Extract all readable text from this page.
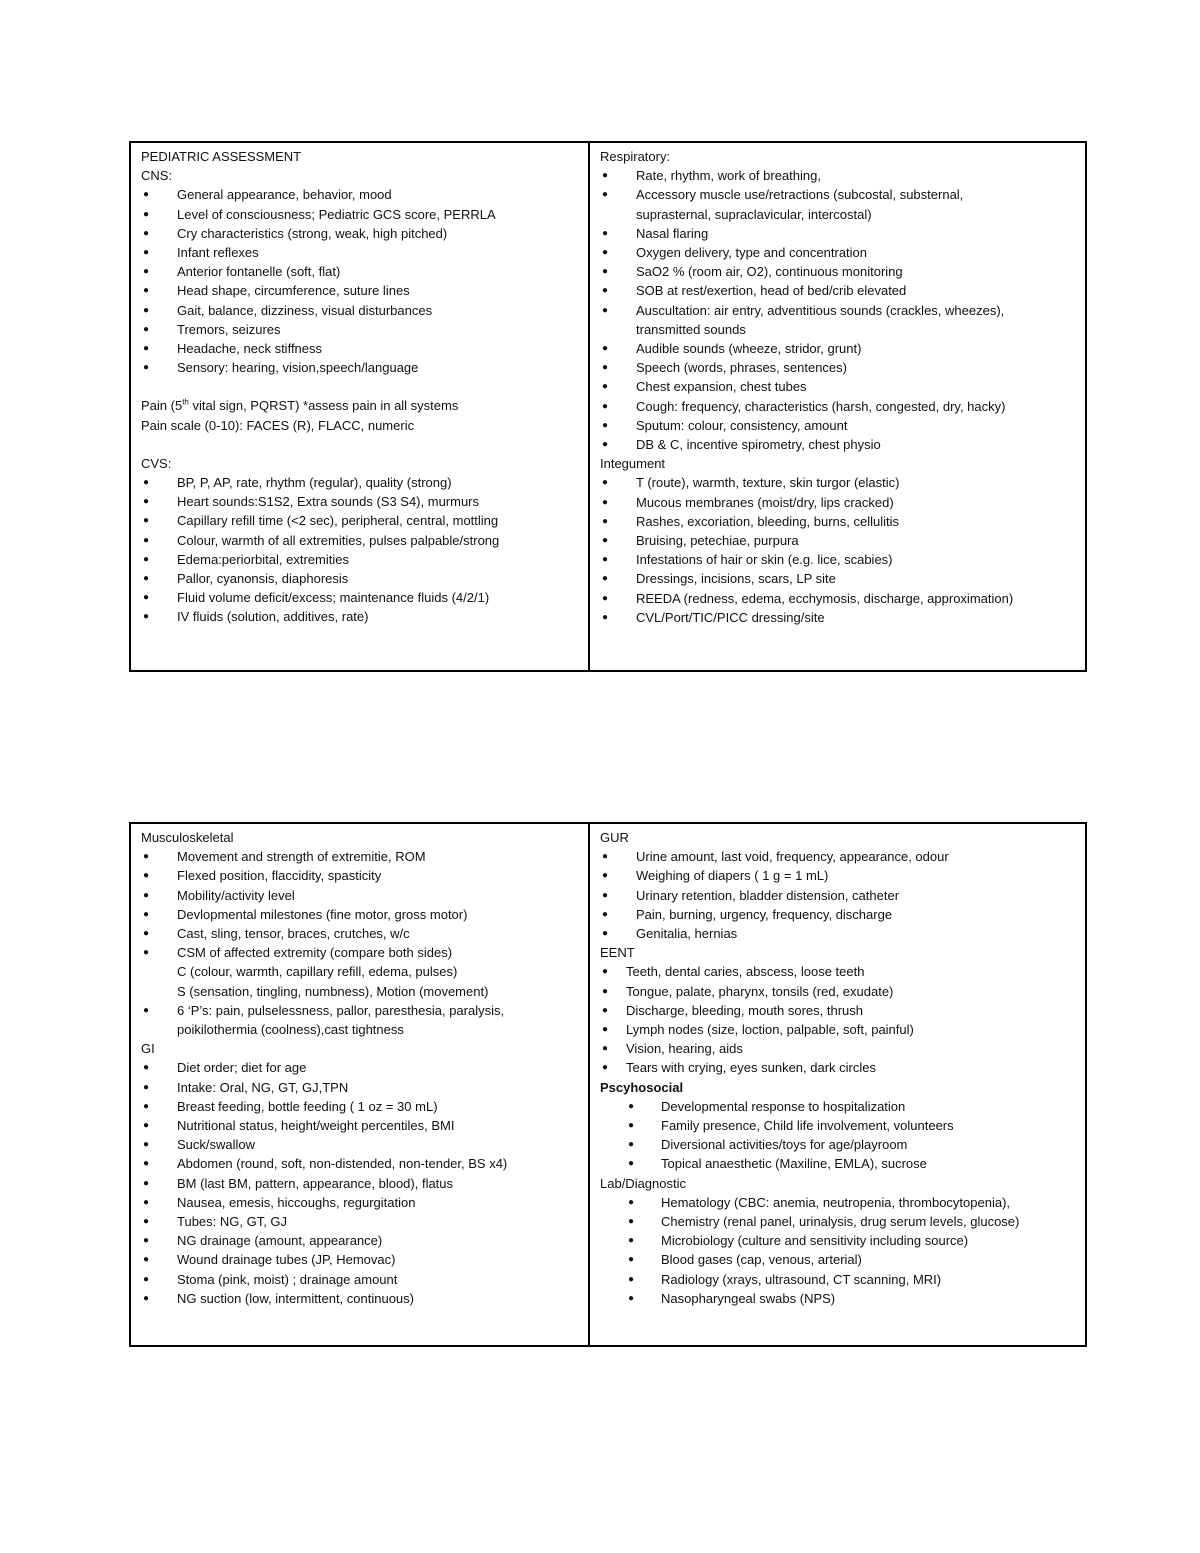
PEDIATRIC ASSESSMENT
CNS:
● General appearance, behavior, mood
● Level of consciousness; Pediatric GCS score, PERRLA
● Cry characteristics (strong, weak, high pitched)
● Infant reflexes
● Anterior fontanelle (soft, flat)
● Head shape, circumference, suture lines
● Gait, balance, dizziness, visual disturbances
● Tremors, seizures
● Headache, neck stiffness
● Sensory: hearing, vision,speech/language
Pain (5th vital sign, PQRST) *assess pain in all systems
Pain scale (0-10): FACES (R), FLACC, numeric
CVS:
● BP, P, AP, rate, rhythm (regular), quality (strong)
● Heart sounds:S1S2, Extra sounds (S3 S4), murmurs
● Capillary refill time (<2 sec), peripheral, central, mottling
● Colour, warmth of all extremities, pulses palpable/strong
● Edema:periorbital, extremities
● Pallor, cyanonsis, diaphoresis
● Fluid volume deficit/excess; maintenance fluids (4/2/1)
● IV fluids (solution, additives, rate)
Respiratory:
● Rate, rhythm, work of breathing,
● Accessory muscle use/retractions (subcostal, substernal,
suprasternal, supraclavicular, intercostal)
● Nasal flaring
● Oxygen delivery, type and concentration
● SaO2 % (room air, O2), continuous monitoring
● SOB at rest/exertion, head of bed/crib elevated
● Auscultation: air entry, adventitious sounds (crackles, wheezes),
transmitted sounds
● Audible sounds (wheeze, stridor, grunt)
● Speech (words, phrases, sentences)
● Chest expansion, chest tubes
● Cough: frequency, characteristics (harsh, congested, dry, hacky)
● Sputum: colour, consistency, amount
● DB & C, incentive spirometry, chest physio
Integument
● T (route), warmth, texture, skin turgor (elastic)
● Mucous membranes (moist/dry, lips cracked)
● Rashes, excoriation, bleeding, burns, cellulitis
● Bruising, petechiae, purpura
● Infestations of hair or skin (e.g. lice, scabies)
● Dressings, incisions, scars, LP site
● REEDA (redness, edema, ecchymosis, discharge, approximation)
● CVL/Port/TIC/PICC dressing/site
Musculoskeletal
● Movement and strength of extremitie, ROM
● Flexed position, flaccidity, spasticity
● Mobility/activity level
● Devlopmental milestones (fine motor, gross motor)
● Cast, sling, tensor, braces, crutches, w/c
● CSM of affected extremity (compare both sides)
C (colour, warmth, capillary refill, edema, pulses)
S (sensation, tingling, numbness), Motion (movement)
● 6 ‘P’s: pain, pulselessness, pallor, paresthesia, paralysis,
poikilothermia (coolness),cast tightness
GI
● Diet order; diet for age
● Intake: Oral, NG, GT, GJ,TPN
● Breast feeding, bottle feeding ( 1 oz = 30 mL)
● Nutritional status, height/weight percentiles, BMI
● Suck/swallow
● Abdomen (round, soft, non-distended, non-tender, BS x4)
● BM (last BM, pattern, appearance, blood), flatus
● Nausea, emesis, hiccoughs, regurgitation
● Tubes: NG, GT, GJ
● NG drainage (amount, appearance)
● Wound drainage tubes (JP, Hemovac)
● Stoma (pink, moist) ; drainage amount
● NG suction (low, intermittent, continuous)
GUR
● Urine amount, last void, frequency, appearance, odour
● Weighing of diapers ( 1 g = 1 mL)
● Urinary retention, bladder distension, catheter
● Pain, burning, urgency, frequency, discharge
● Genitalia, hernias
EENT
● Teeth, dental caries, abscess, loose teeth
● Tongue, palate, pharynx, tonsils (red, exudate)
● Discharge, bleeding, mouth sores, thrush
● Lymph nodes (size, loction, palpable, soft, painful)
● Vision, hearing, aids
● Tears with crying, eyes sunken, dark circles
Pscyhosocial
● Developmental response to hospitalization
● Family presence, Child life involvement, volunteers
● Diversional activities/toys for age/playroom
● Topical anaesthetic (Maxiline, EMLA), sucrose
Lab/Diagnostic
● Hematology (CBC: anemia, neutropenia, thrombocytopenia),
● Chemistry (renal panel, urinalysis, drug serum levels, glucose)
● Microbiology (culture and sensitivity including source)
● Blood gases (cap, venous, arterial)
● Radiology (xrays, ultrasound, CT scanning, MRI)
● Nasopharyngeal swabs (NPS)
